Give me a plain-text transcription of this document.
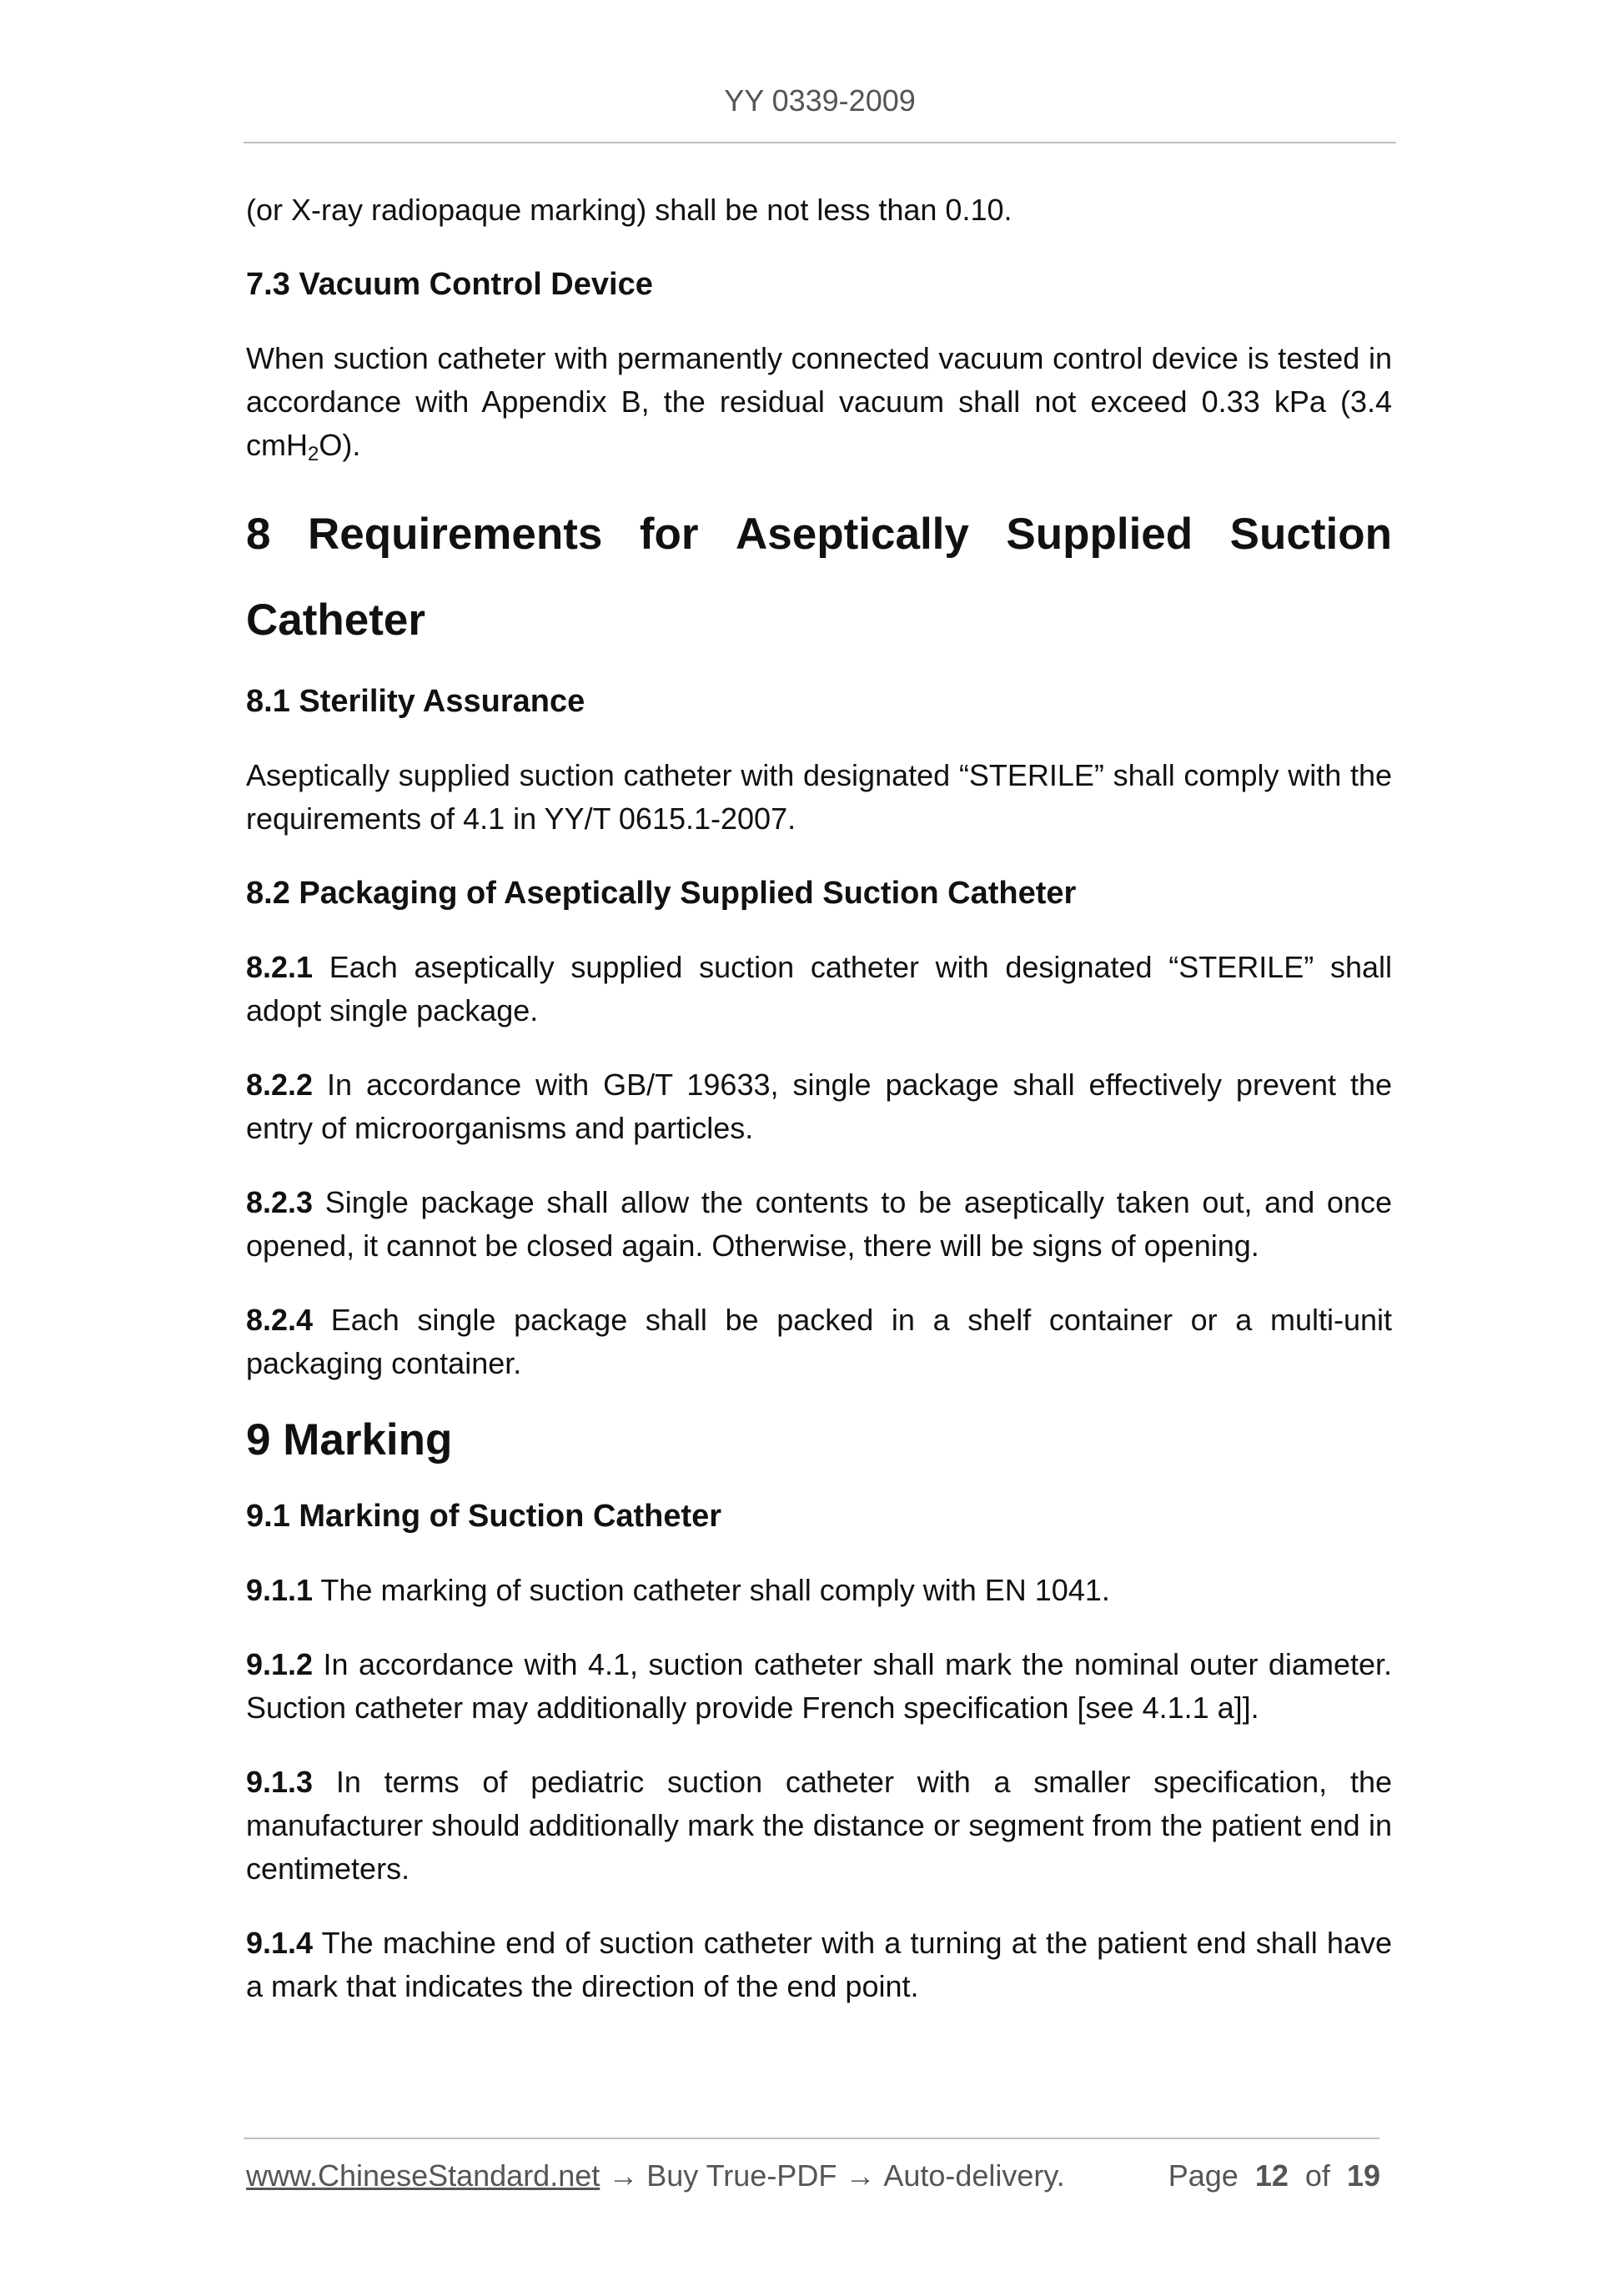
YY 0339-2009

(or X-ray radiopaque marking) shall be not less than 0.10.

7.3 Vacuum Control Device

When suction catheter with permanently connected vacuum control device is tested in accordance with Appendix B, the residual vacuum shall not exceed 0.33 kPa (3.4 cmH$_2$O).

8 Requirements for Aseptically Supplied Suction
Catheter
8.1 Sterility Assurance

Aseptically supplied suction catheter with designated “STERILE” shall comply with the requirements of 4.1 in YY/T 0615.1-2007.

8.2 Packaging of Aseptically Supplied Suction Catheter

8.2.1 Each aseptically supplied suction catheter with designated “STERILE” shall adopt single package.

8.2.2 In accordance with GB/T 19633, single package shall effectively prevent the entry of microorganisms and particles.

8.2.3 Single package shall allow the contents to be aseptically taken out, and once opened, it cannot be closed again. Otherwise, there will be signs of opening.

8.2.4 Each single package shall be packed in a shelf container or a multi-unit packaging container.

9 Marking
9.1 Marking of Suction Catheter

9.1.1 The marking of suction catheter shall comply with EN 1041.

9.1.2 In accordance with 4.1, suction catheter shall mark the nominal outer diameter. Suction catheter may additionally provide French specification [see 4.1.1 a]].

9.1.3 In terms of pediatric suction catheter with a smaller specification, the manufacturer should additionally mark the distance or segment from the patient end in centimeters.

9.1.4 The machine end of suction catheter with a turning at the patient end shall have a mark that indicates the direction of the end point.

www.ChineseStandard.net → Buy True-PDF → Auto-delivery.	Page 12 of 19
